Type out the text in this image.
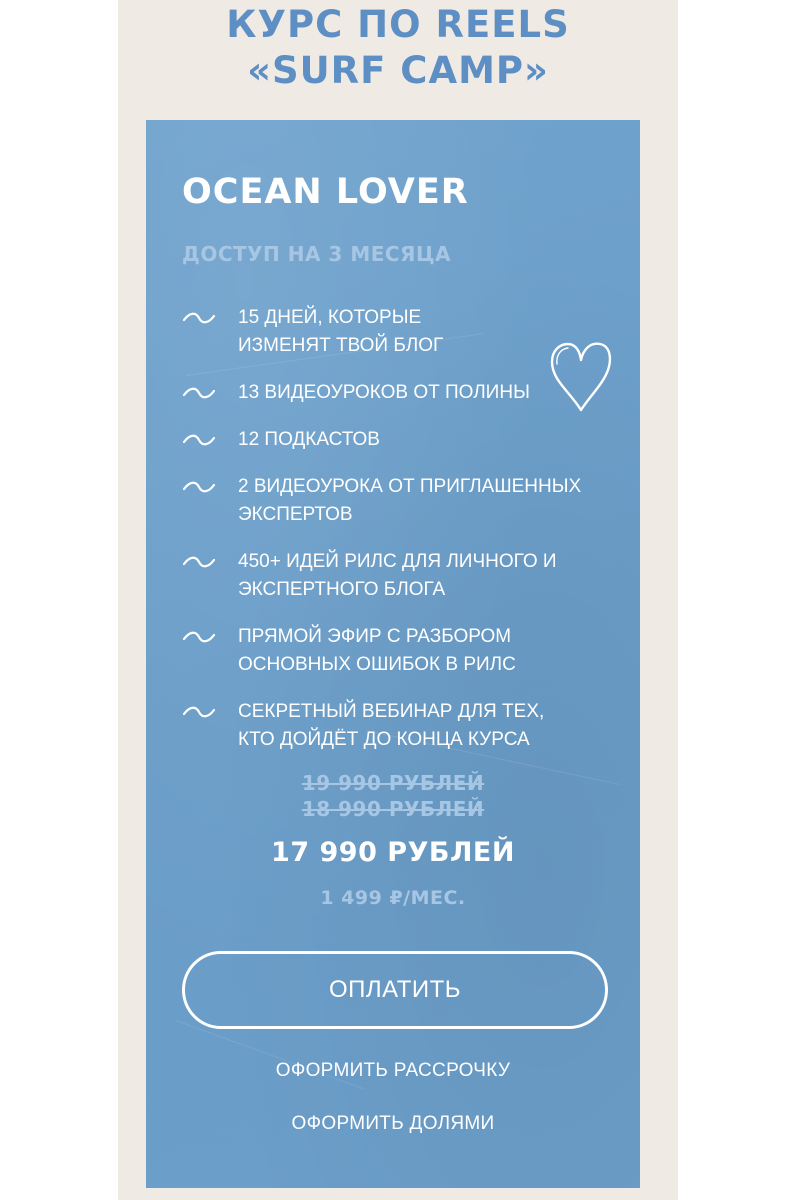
КУРС ПО REELS
«SURF CAMP»
OCEAN LOVER
ДОСТУП НА 3 МЕСЯЦА
15 ДНЕЙ, КОТОРЫЕ
ИЗМЕНЯТ ТВОЙ БЛОГ
13 ВИДЕОУРОКОВ ОТ ПОЛИНЫ
12 ПОДКАСТОВ
2 ВИДЕОУРОКА ОТ ПРИГЛАШЕННЫХ
ЭКСПЕРТОВ
450+ ИДЕЙ РИЛС ДЛЯ ЛИЧНОГО И
ЭКСПЕРТНОГО БЛОГА
ПРЯМОЙ ЭФИР С РАЗБОРОМ
ОСНОВНЫХ ОШИБОК В РИЛС
СЕКРЕТНЫЙ ВЕБИНАР ДЛЯ ТЕХ,
КТО ДОЙДЁТ ДО КОНЦА КУРСА
19 990 РУБЛЕЙ
18 990 РУБЛЕЙ
17 990 РУБЛЕЙ
1 499 ₽/МЕС.
ОПЛАТИТЬ
ОФОРМИТЬ РАССРОЧКУ
ОФОРМИТЬ ДОЛЯМИ
